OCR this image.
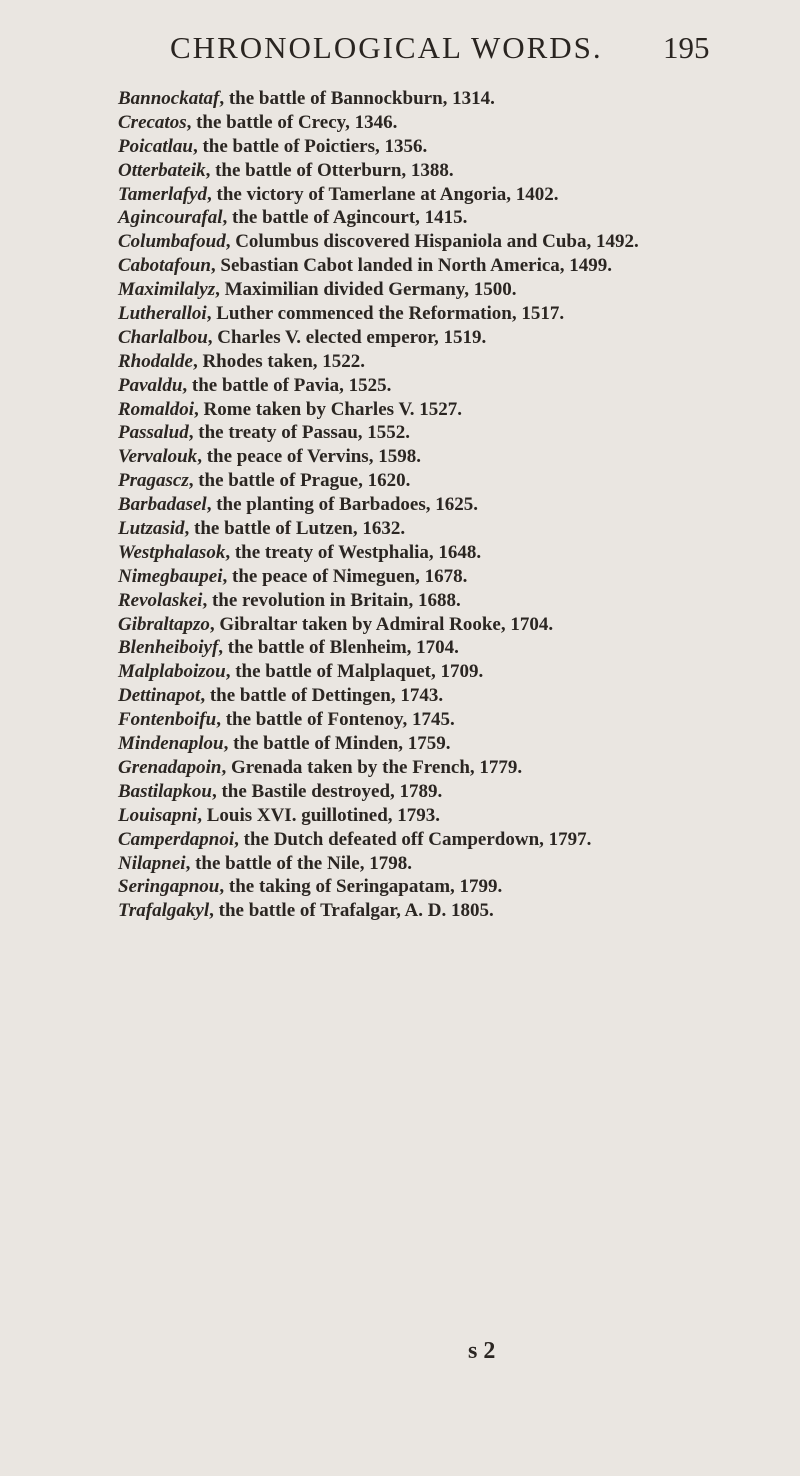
CHRONOLOGICAL WORDS. 195
Bannockataf, the battle of Bannockburn, 1314.
Crecatos, the battle of Crecy, 1346.
Poicatlau, the battle of Poictiers, 1356.
Otterbateik, the battle of Otterburn, 1388.
Tamerlafyd, the victory of Tamerlane at Angoria, 1402.
Agincourafal, the battle of Agincourt, 1415.
Columbafoud, Columbus discovered Hispaniola and Cuba, 1492.
Cabotafoun, Sebastian Cabot landed in North America, 1499.
Maximilalyz, Maximilian divided Germany, 1500.
Lutheralloi, Luther commenced the Reformation, 1517.
Charlalbou, Charles V. elected emperor, 1519.
Rhodalde, Rhodes taken, 1522.
Pavaldu, the battle of Pavia, 1525.
Romaldoi, Rome taken by Charles V. 1527.
Passalud, the treaty of Passau, 1552.
Vervalouk, the peace of Vervins, 1598.
Pragascz, the battle of Prague, 1620.
Barbadasel, the planting of Barbadoes, 1625.
Lutzasid, the battle of Lutzen, 1632.
Westphalasok, the treaty of Westphalia, 1648.
Nimegbaupei, the peace of Nimeguen, 1678.
Revolaskei, the revolution in Britain, 1688.
Gibraltapzo, Gibraltar taken by Admiral Rooke, 1704.
Blenheiboiyf, the battle of Blenheim, 1704.
Malplaboizou, the battle of Malplaquet, 1709.
Dettinapot, the battle of Dettingen, 1743.
Fontenboifu, the battle of Fontenoy, 1745.
Mindenaplou, the battle of Minden, 1759.
Grenadapoin, Grenada taken by the French, 1779.
Bastilapkou, the Bastile destroyed, 1789.
Louisapni, Louis XVI. guillotined, 1793.
Camperdapnoi, the Dutch defeated off Camperdown, 1797.
Nilapnei, the battle of the Nile, 1798.
Seringapnou, the taking of Seringapatam, 1799.
Trafalgakyl, the battle of Trafalgar, A. D. 1805.
s 2
